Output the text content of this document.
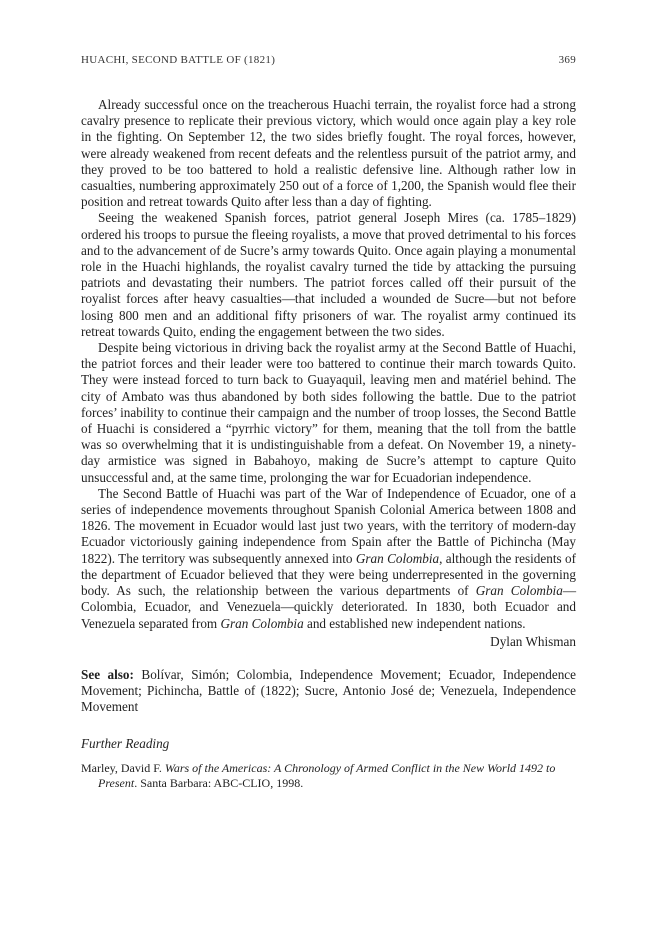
HUACHI, SECOND BATTLE OF (1821)	369

Already successful once on the treacherous Huachi terrain, the royalist force had a strong cavalry presence to replicate their previous victory, which would once again play a key role in the fighting. On September 12, the two sides briefly fought. The royal forces, however, were already weakened from recent defeats and the relentless pursuit of the patriot army, and they proved to be too battered to hold a realistic defensive line. Although rather low in casualties, numbering approximately 250 out of a force of 1,200, the Spanish would flee their position and retreat towards Quito after less than a day of fighting.

Seeing the weakened Spanish forces, patriot general Joseph Mires (ca. 1785–1829) ordered his troops to pursue the fleeing royalists, a move that proved detrimental to his forces and to the advancement of de Sucre’s army towards Quito. Once again playing a monumental role in the Huachi highlands, the royalist cavalry turned the tide by attacking the pursuing patriots and devastating their numbers. The patriot forces called off their pursuit of the royalist forces after heavy casualties—that included a wounded de Sucre—but not before losing 800 men and an additional fifty prisoners of war. The royalist army continued its retreat towards Quito, ending the engagement between the two sides.

Despite being victorious in driving back the royalist army at the Second Battle of Huachi, the patriot forces and their leader were too battered to continue their march towards Quito. They were instead forced to turn back to Guayaquil, leaving men and matériel behind. The city of Ambato was thus abandoned by both sides following the battle. Due to the patriot forces’ inability to continue their campaign and the number of troop losses, the Second Battle of Huachi is considered a “pyrrhic victory” for them, meaning that the toll from the battle was so overwhelming that it is undistinguishable from a defeat. On November 19, a ninety-day armistice was signed in Babahoyo, making de Sucre’s attempt to capture Quito unsuccessful and, at the same time, prolonging the war for Ecuadorian independence.

The Second Battle of Huachi was part of the War of Independence of Ecuador, one of a series of independence movements throughout Spanish Colonial America between 1808 and 1826. The movement in Ecuador would last just two years, with the territory of modern-day Ecuador victoriously gaining independence from Spain after the Battle of Pichincha (May 1822). The territory was subsequently annexed into Gran Colombia, although the residents of the department of Ecuador believed that they were being underrepresented in the governing body. As such, the relationship between the various departments of Gran Colombia—Colombia, Ecuador, and Venezuela—quickly deteriorated. In 1830, both Ecuador and Venezuela separated from Gran Colombia and established new independent nations.

Dylan Whisman
See also: Bolívar, Simón; Colombia, Independence Movement; Ecuador, Independence Movement; Pichincha, Battle of (1822); Sucre, Antonio José de; Venezuela, Independence Movement
Further Reading
Marley, David F. Wars of the Americas: A Chronology of Armed Conflict in the New World 1492 to Present. Santa Barbara: ABC-CLIO, 1998.
